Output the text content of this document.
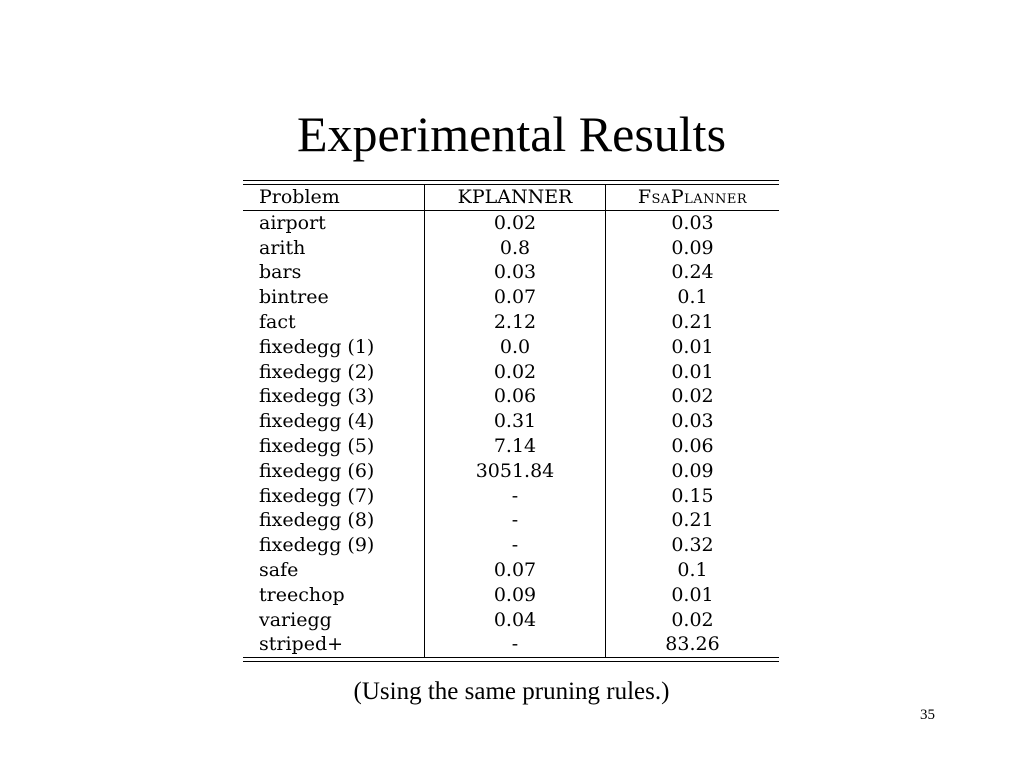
Experimental Results
Problem	KPLANNER	FsaPlanner
airport	0.02	0.03
arith	0.8	0.09
bars	0.03	0.24
bintree	0.07	0.1
fact	2.12	0.21
fixedegg (1)	0.0	0.01
fixedegg (2)	0.02	0.01
fixedegg (3)	0.06	0.02
fixedegg (4)	0.31	0.03
fixedegg (5)	7.14	0.06
fixedegg (6)	3051.84	0.09
fixedegg (7)	-	0.15
fixedegg (8)	-	0.21
fixedegg (9)	-	0.32
safe	0.07	0.1
treechop	0.09	0.01
variegg	0.04	0.02
striped+	-	83.26
(Using the same pruning rules.)
35
